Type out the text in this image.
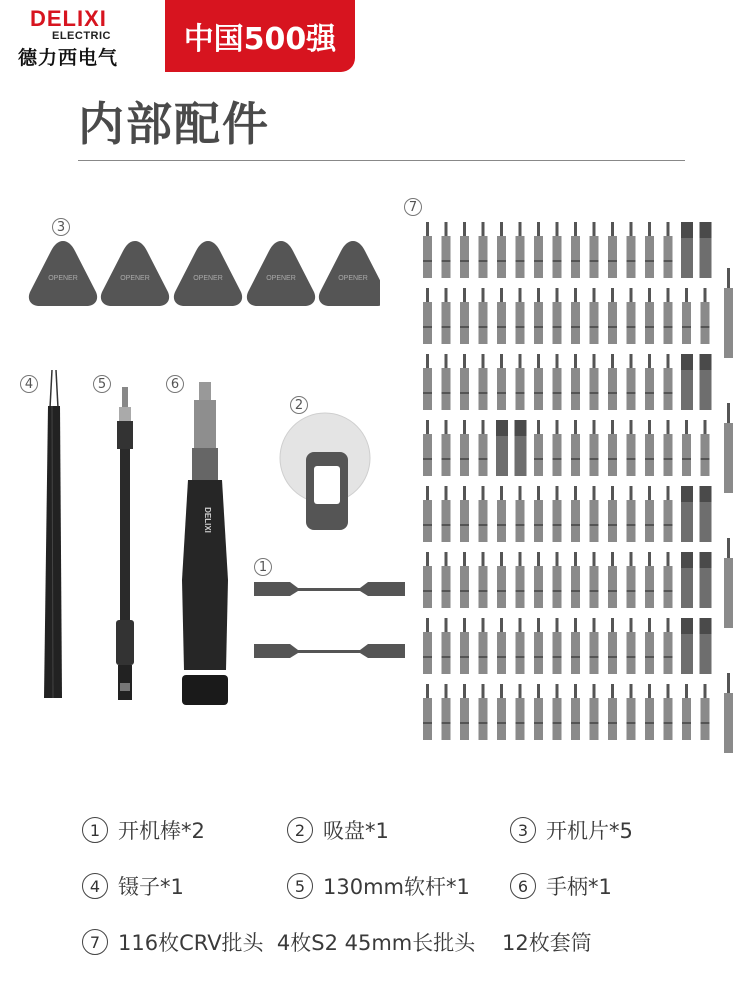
DELIXI
ELECTRIC
德力西电气
中国500强
内部配件
3
4	5	6
2
1
7
OPENER	OPENER	OPENER	OPENER	OPENER
DELIXI
1 开机棒*2	2 吸盘*1	3 开机片*5
4 镊子*1	5 130mm软杆*1	6 手柄*1
7 116枚CRV批头  4枚S2 45mm长批头    12枚套筒
